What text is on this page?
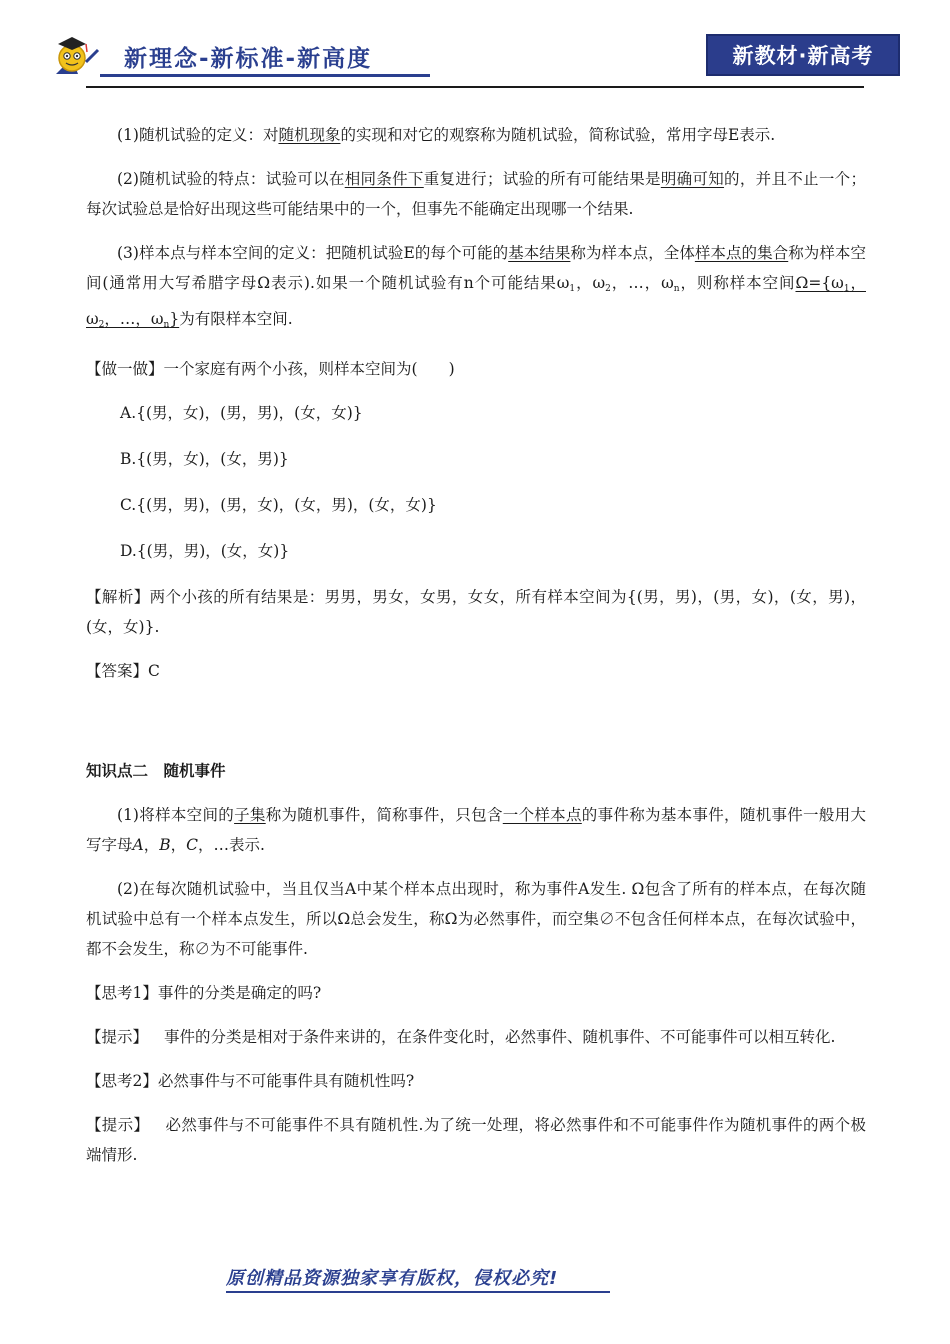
新理念-新标准-新高度	新教材·新高考

(1)随机试验的定义：对随机现象的实现和对它的观察称为随机试验，简称试验，常用字母E表示.

(2)随机试验的特点：试验可以在相同条件下重复进行；试验的所有可能结果是明确可知的，并且不止一个；每次试验总是恰好出现这些可能结果中的一个，但事先不能确定出现哪一个结果.

(3)样本点与样本空间的定义：把随机试验E的每个可能的基本结果称为样本点，全体样本点的集合称为样本空间(通常用大写希腊字母Ω表示).如果一个随机试验有n个可能结果$\omega_1$，$\omega_2$，…，$\omega_n$，则称样本空间$\Omega=\{\omega_1$，$\omega_2$，…，$\omega_n$}为有限样本空间.

【做一做】一个家庭有两个小孩，则样本空间为(　　)

A.{(男，女)，(男，男)，(女，女)}

B.{(男，女)，(女，男)}

C.{(男，男)，(男，女)，(女，男)，(女，女)}

D.{(男，男)，(女，女)}

【解析】两个小孩的所有结果是：男男，男女，女男，女女，所有样本空间为{(男，男)，(男，女)，(女，男)，(女，女)}.

【答案】C

知识点二　随机事件

(1)将样本空间的子集称为随机事件，简称事件，只包含一个样本点的事件称为基本事件，随机事件一般用大写字母A，B，C，…表示.

(2)在每次随机试验中，当且仅当A中某个样本点出现时，称为事件A发生. Ω包含了所有的样本点，在每次随机试验中总有一个样本点发生，所以Ω总会发生，称Ω为必然事件，而空集∅不包含任何样本点，在每次试验中，都不会发生，称∅为不可能事件.

【思考1】事件的分类是确定的吗?

【提示】 事件的分类是相对于条件来讲的，在条件变化时，必然事件、随机事件、不可能事件可以相互转化.

【思考2】必然事件与不可能事件具有随机性吗?

【提示】 必然事件与不可能事件不具有随机性.为了统一处理，将必然事件和不可能事件作为随机事件的两个极端情形.

原创精品资源独家享有版权，侵权必究!
